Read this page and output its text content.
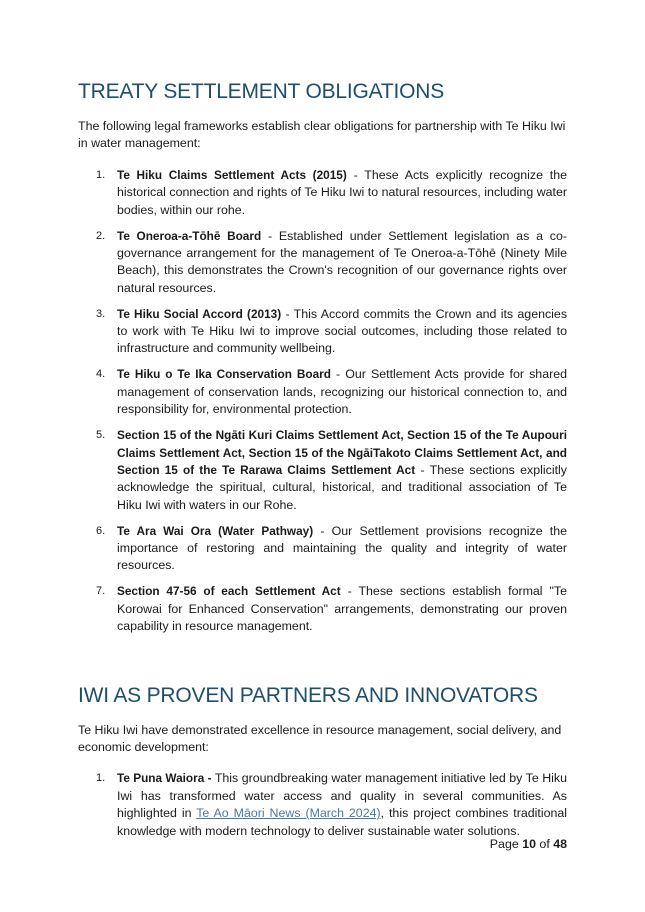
TREATY SETTLEMENT OBLIGATIONS

The following legal frameworks establish clear obligations for partnership with Te Hiku Iwi in water management:

1. Te Hiku Claims Settlement Acts (2015) - These Acts explicitly recognize the historical connection and rights of Te Hiku Iwi to natural resources, including water bodies, within our rohe.
2. Te Oneroa-a-Tōhē Board - Established under Settlement legislation as a co-governance arrangement for the management of Te Oneroa-a-Tōhē (Ninety Mile Beach), this demonstrates the Crown's recognition of our governance rights over natural resources.
3. Te Hiku Social Accord (2013) - This Accord commits the Crown and its agencies to work with Te Hiku Iwi to improve social outcomes, including those related to infrastructure and community wellbeing.
4. Te Hiku o Te Ika Conservation Board - Our Settlement Acts provide for shared management of conservation lands, recognizing our historical connection to, and responsibility for, environmental protection.
5. Section 15 of the Ngāti Kuri Claims Settlement Act, Section 15 of the Te Aupouri Claims Settlement Act, Section 15 of the NgāiTakoto Claims Settlement Act, and Section 15 of the Te Rarawa Claims Settlement Act - These sections explicitly acknowledge the spiritual, cultural, historical, and traditional association of Te Hiku Iwi with waters in our Rohe.
6. Te Ara Wai Ora (Water Pathway) - Our Settlement provisions recognize the importance of restoring and maintaining the quality and integrity of water resources.
7. Section 47-56 of each Settlement Act - These sections establish formal "Te Korowai for Enhanced Conservation" arrangements, demonstrating our proven capability in resource management.
IWI AS PROVEN PARTNERS AND INNOVATORS

Te Hiku Iwi have demonstrated excellence in resource management, social delivery, and economic development:

1. Te Puna Waiora - This groundbreaking water management initiative led by Te Hiku Iwi has transformed water access and quality in several communities. As highlighted in Te Ao Māori News (March 2024), this project combines traditional knowledge with modern technology to deliver sustainable water solutions.
Page 10 of 48
